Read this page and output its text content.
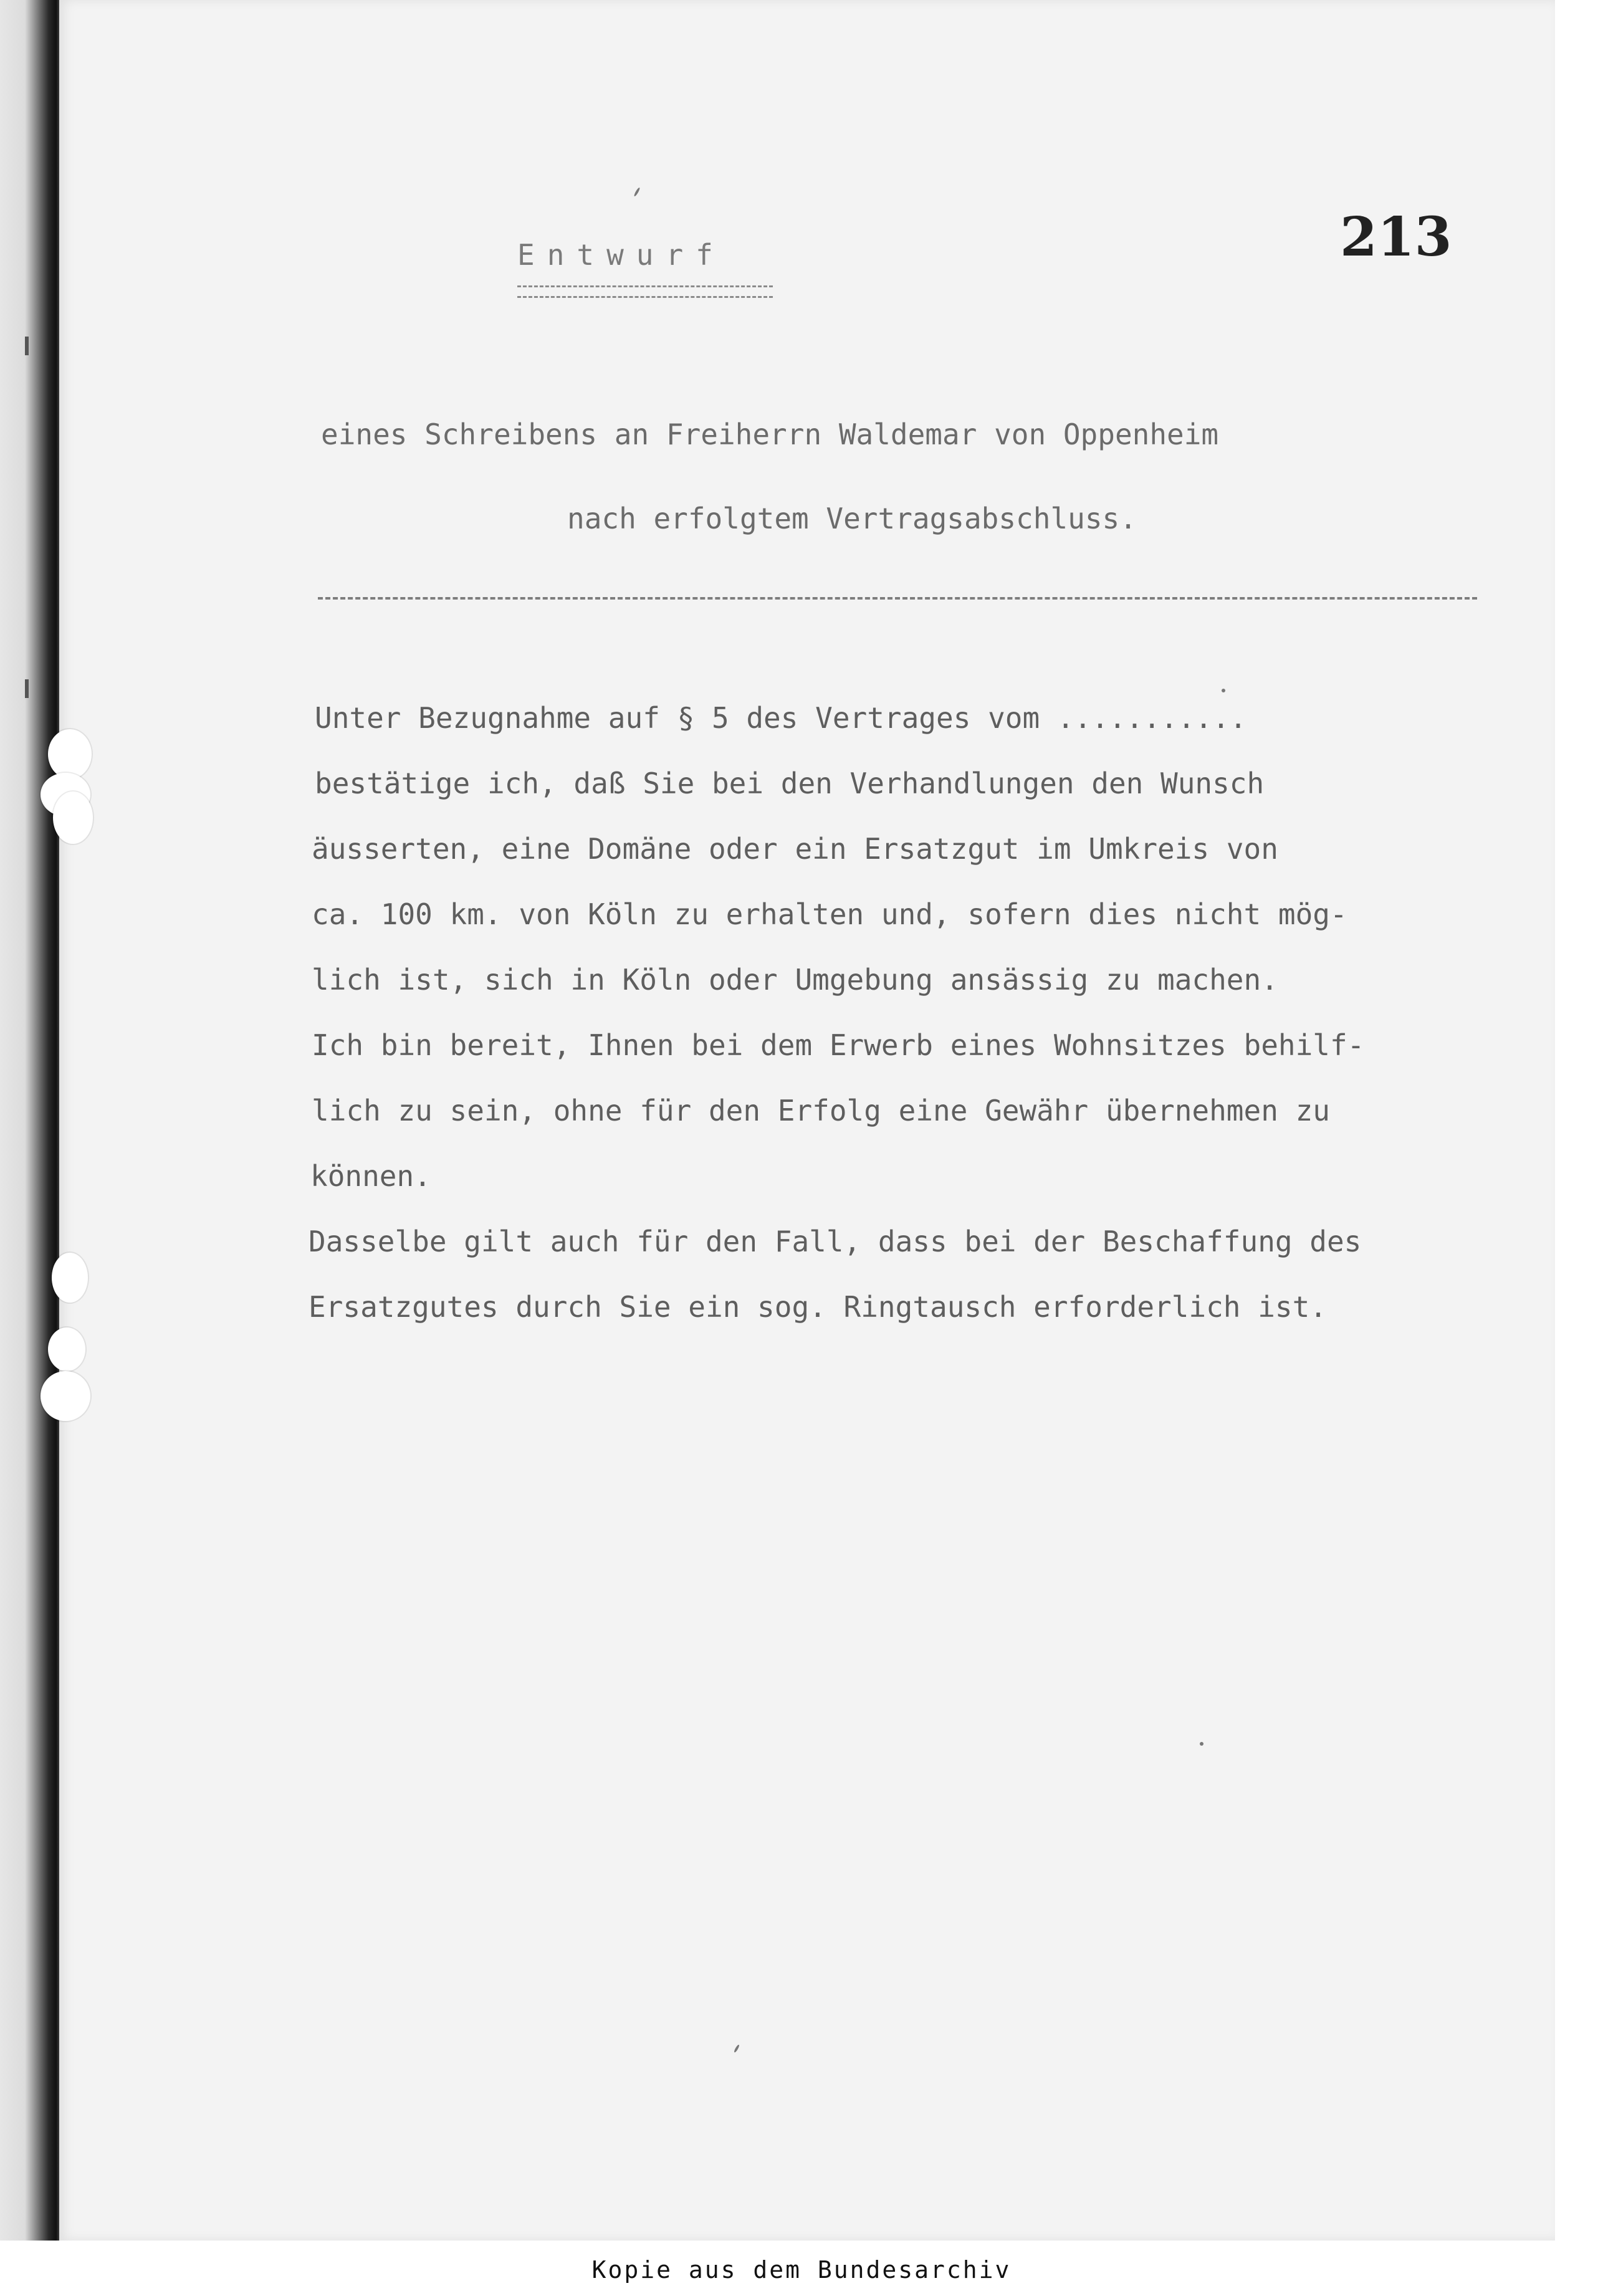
Entwurf	213
eines Schreibens an Freiherrn Waldemar von Oppenheim
nach erfolgtem Vertragsabschluss.
Unter Bezugnahme auf § 5 des Vertrages vom ...........
bestätige ich, daß Sie bei den Verhandlungen den Wunsch
äusserten, eine Domäne oder ein Ersatzgut im Umkreis von
ca. 100 km. von Köln zu erhalten und, sofern dies nicht mög-
lich ist, sich in Köln oder Umgebung ansässig zu machen.
Ich bin bereit, Ihnen bei dem Erwerb eines Wohnsitzes behilf-
lich zu sein, ohne für den Erfolg eine Gewähr übernehmen zu
können.
Dasselbe gilt auch für den Fall, dass bei der Beschaffung des
Ersatzgutes durch Sie ein sog. Ringtausch erforderlich ist.
Kopie aus dem Bundesarchiv
